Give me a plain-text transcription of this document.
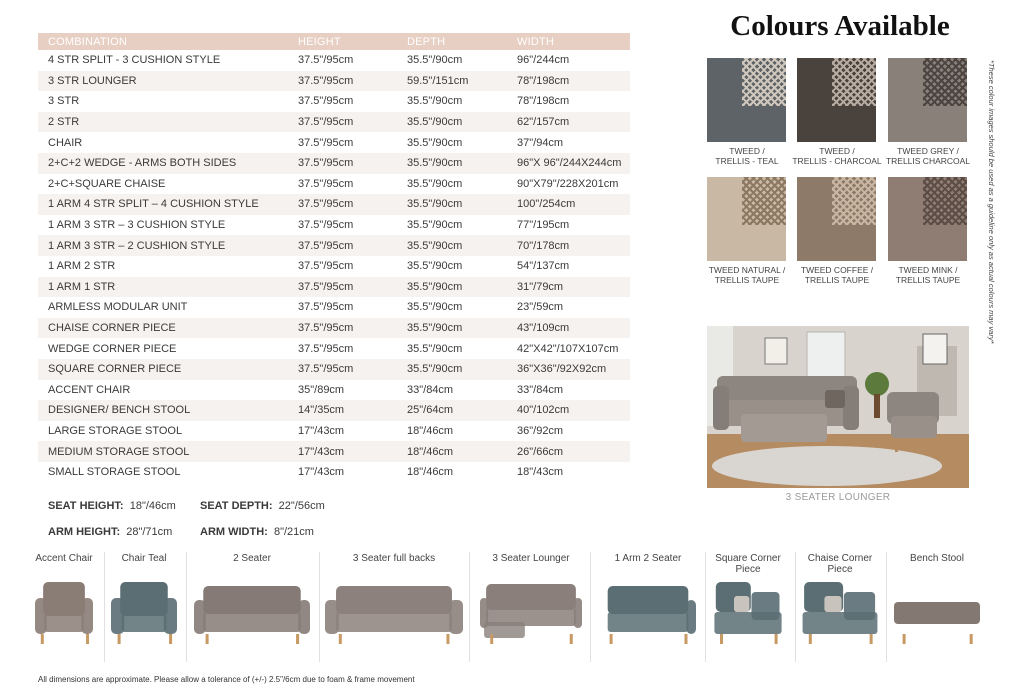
COMBINATION	HEIGHT	DEPTH	WIDTH
4 STR SPLIT - 3 CUSHION STYLE	37.5"/95cm	35.5"/90cm	96"/244cm
3 STR LOUNGER	37.5"/95cm	59.5"/151cm	78"/198cm
3 STR	37.5"/95cm	35.5"/90cm	78"/198cm
2 STR	37.5"/95cm	35.5"/90cm	62"/157cm
CHAIR	37.5"/95cm	35.5"/90cm	37"/94cm
2+C+2 WEDGE - ARMS BOTH SIDES	37.5"/95cm	35.5"/90cm	96"X 96"/244X244cm
2+C+SQUARE CHAISE	37.5"/95cm	35.5"/90cm	90"X79"/228X201cm
1 ARM 4 STR SPLIT – 4 CUSHION STYLE	37.5"/95cm	35.5"/90cm	100"/254cm
1 ARM 3 STR – 3 CUSHION STYLE	37.5"/95cm	35.5"/90cm	77"/195cm
1 ARM 3 STR – 2 CUSHION STYLE	37.5"/95cm	35.5"/90cm	70"/178cm
1 ARM 2 STR	37.5"/95cm	35.5"/90cm	54"/137cm
1 ARM 1 STR	37.5"/95cm	35.5"/90cm	31"/79cm
ARMLESS MODULAR UNIT	37.5"/95cm	35.5"/90cm	23"/59cm
CHAISE CORNER PIECE	37.5"/95cm	35.5"/90cm	43"/109cm
WEDGE CORNER PIECE	37.5"/95cm	35.5"/90cm	42"X42"/107X107cm
SQUARE CORNER PIECE	37.5"/95cm	35.5"/90cm	36"X36"/92X92cm
ACCENT CHAIR	35"/89cm	33"/84cm	33"/84cm
DESIGNER/ BENCH STOOL	14"/35cm	25"/64cm	40"/102cm
LARGE STORAGE STOOL	17"/43cm	18"/46cm	36"/92cm
MEDIUM STORAGE STOOL	17"/43cm	18"/46cm	26"/66cm
SMALL STORAGE STOOL	17"/43cm	18"/46cm	18"/43cm
SEAT HEIGHT: 18"/46cm SEAT DEPTH: 22"/56cm
ARM HEIGHT: 28"/71cm	ARM WIDTH: 8"/21cm
Colours Available
TWEED /
TRELLIS - TEAL
TWEED /
TRELLIS - CHARCOAL
TWEED GREY /
TRELLIS CHARCOAL
TWEED NATURAL /
TRELLIS TAUPE
TWEED COFFEE /
TRELLIS TAUPE
TWEED MINK /
TRELLIS TAUPE	*These colour images should be used as a guideline only as actual colours may vary*
3 SEATER LOUNGER
Accent Chair	Chair Teal	2 Seater	3 Seater full backs	3 Seater Lounger	1 Arm 2 Seater	Square Corner Piece
Chaise Corner Piece
Bench Stool
All dimensions are approximate. Please allow a tolerance of (+/-) 2.5"/6cm due to foam & frame movement
